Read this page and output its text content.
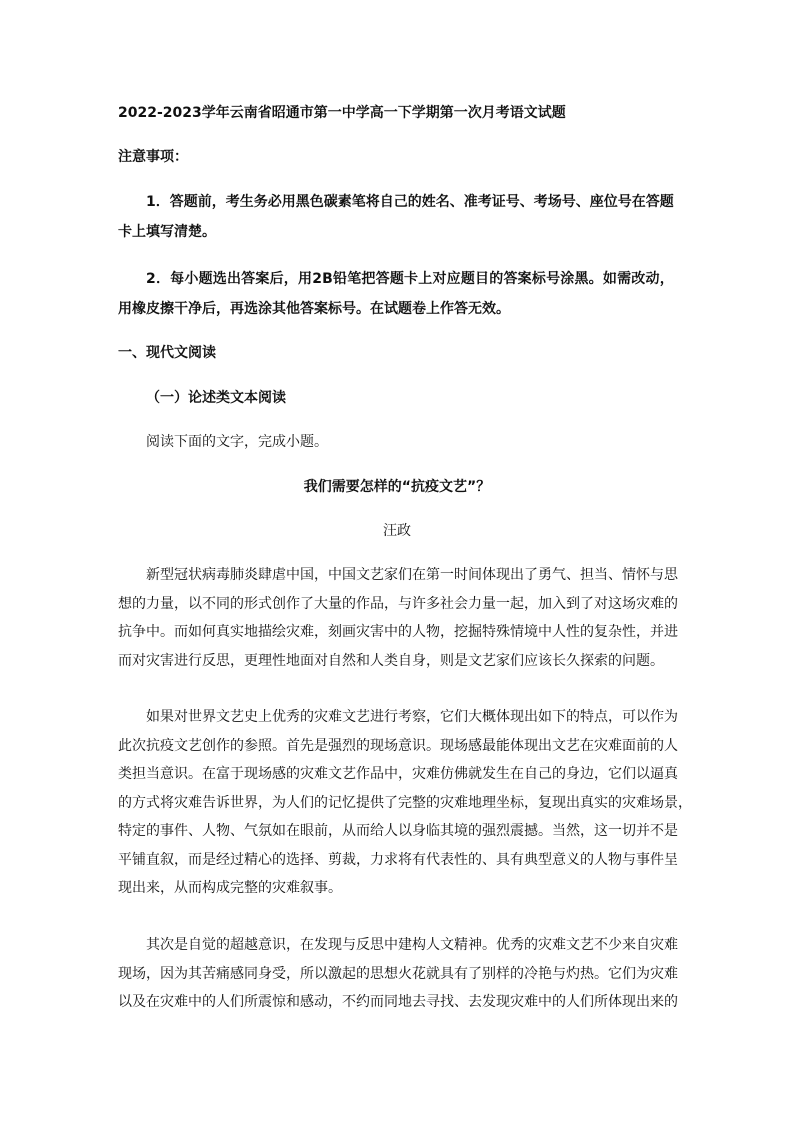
2022-2023学年云南省昭通市第一中学高一下学期第一次月考语文试题
注意事项：
1 ． 答 题 前 ， 考 生 务 必 用 黑 色 碳 素 笔 将 自 己 的 姓 名 、 准 考 证 号 、 考 场 号 、 座 位 号 在 答 题
卡上填写清楚。
2 ． 每 小 题 选 出 答 案 后 ， 用 2 B 铅 笔 把 答 题 卡 上 对 应 题 目 的 答 案 标 号 涂 黑 。 如 需 改 动 ，
用橡皮擦干净后，再选涂其他答案标号。在试题卷上作答无效。
一、现代文阅读
（一）论述类文本阅读
阅读下面的文字，完成小题。
我们需要怎样的“抗疫文艺”？
汪政
新 型 冠 状 病 毒 肺 炎 肆 虐 中 国 ， 中 国 文 艺 家 们 在 第 一 时 间 体 现 出 了 勇 气 、 担 当 、 情 怀 与 思
想 的 力 量 ， 以 不 同 的 形 式 创 作 了 大 量 的 作 品 ， 与 许 多 社 会 力 量 一 起 ， 加 入 到 了 对 这 场 灾 难 的
抗 争 中 。 而 如 何 真 实 地 描 绘 灾 难 ， 刻 画 灾 害 中 的 人 物 ， 挖 掘 特 殊 情 境 中 人 性 的 复 杂 性 ， 并 进
而对灾害进行反思，更理性地面对自然和人类自身，则是文艺家们应该长久探索的问题。
如 果 对 世 界 文 艺 史 上 优 秀 的 灾 难 文 艺 进 行 考 察 ， 它 们 大 概 体 现 出 如 下 的 特 点 ， 可 以 作 为
此 次 抗 疫 文 艺 创 作 的 参 照 。 首 先 是 强 烈 的 现 场 意 识 。 现 场 感 最 能 体 现 出 文 艺 在 灾 难 面 前 的 人
类 担 当 意 识 。 在 富 于 现 场 感 的 灾 难 文 艺 作 品 中 ， 灾 难 仿 佛 就 发 生 在 自 己 的 身 边 ， 它 们 以 逼 真
的 方 式 将 灾 难 告 诉 世 界 ， 为 人 们 的 记 忆 提 供 了 完 整 的 灾 难 地 理 坐 标 ， 复 现 出 真 实 的 灾 难 场 景 ，
特 定 的 事 件 、 人 物 、 气 氛 如 在 眼 前 ， 从 而 给 人 以 身 临 其 境 的 强 烈 震 撼 。 当 然 ， 这 一 切 并 不 是
平 铺 直 叙 ， 而 是 经 过 精 心 的 选 择 、 剪 裁 ， 力 求 将 有 代 表 性 的 、 具 有 典 型 意 义 的 人 物 与 事 件 呈
现出来，从而构成完整的灾难叙事。
其 次 是 自 觉 的 超 越 意 识 ， 在 发 现 与 反 思 中 建 构 人 文 精 神 。 优 秀 的 灾 难 文 艺 不 少 来 自 灾 难
现 场 ， 因 为 其 苦 痛 感 同 身 受 ， 所 以 激 起 的 思 想 火 花 就 具 有 了 别 样 的 冷 艳 与 灼 热 。 它 们 为 灾 难
以 及 在 灾 难 中 的 人 们 所 震 惊 和 感 动 ， 不 约 而 同 地 去 寻 找 、 去 发 现 灾 难 中 的 人 们 所 体 现 出 来 的
